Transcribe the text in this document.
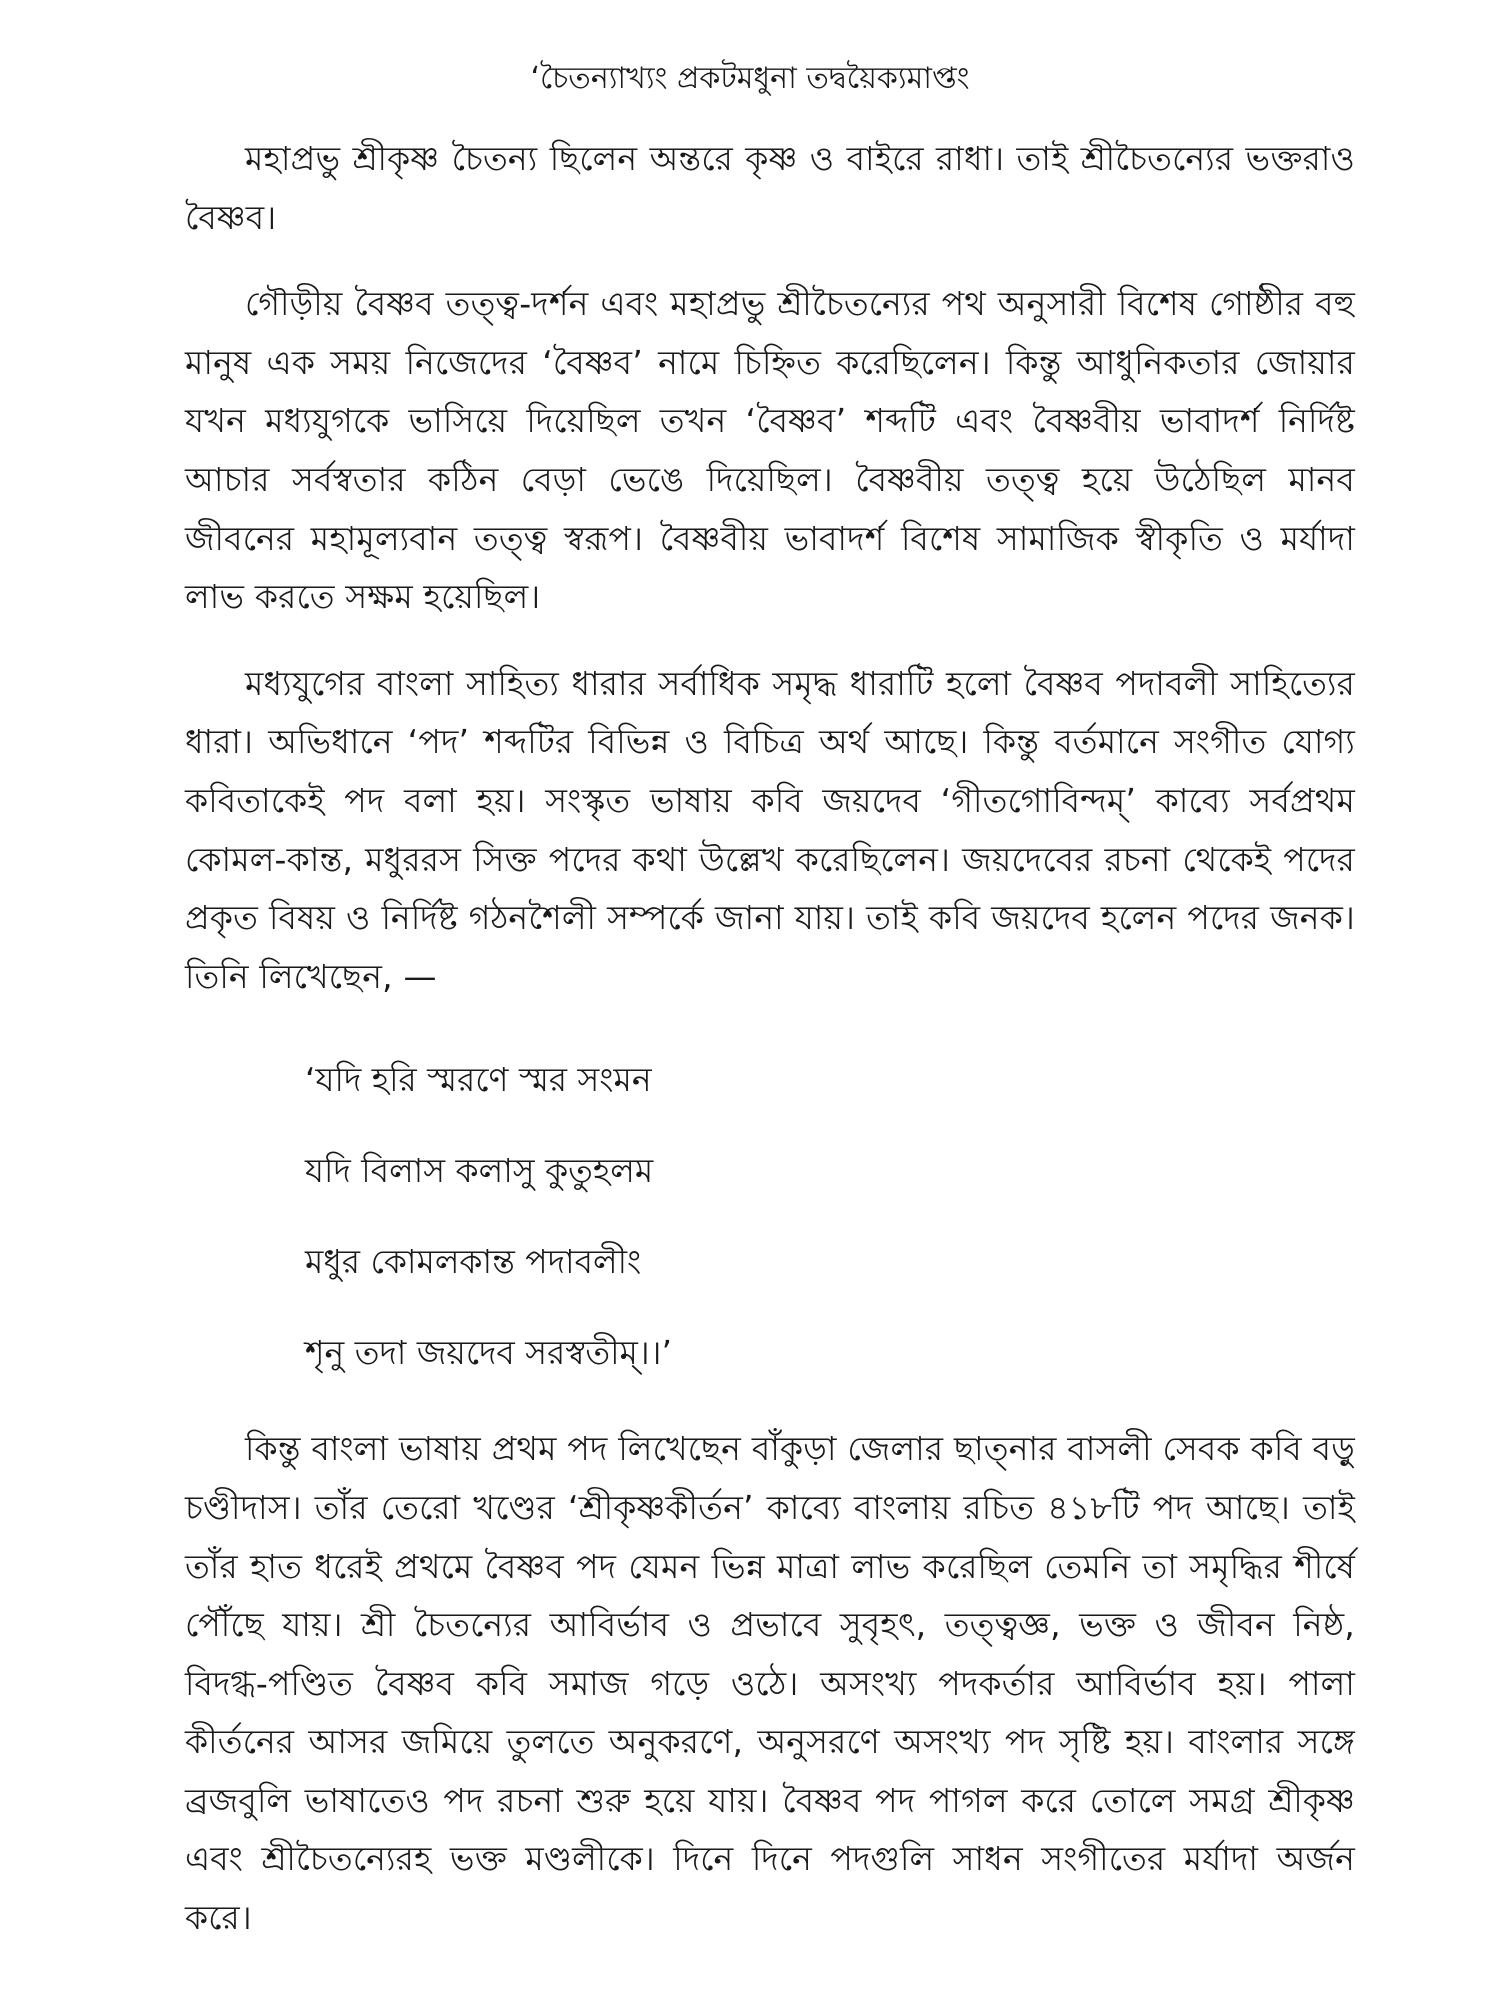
‘চৈতন্যাখ্যং প্রকটমধুনা তদ্বয়ৈক্যমাপ্তং

মহাপ্রভু শ্রীকৃষ্ণ চৈতন্য ছিলেন অন্তরে কৃষ্ণ ও বাইরে রাধা। তাই শ্রীচৈতন্যের ভক্তরাও বৈষ্ণব।

গৌড়ীয় বৈষ্ণব তত্ত্ব-দর্শন এবং মহাপ্রভু শ্রীচৈতন্যের পথ অনুসারী বিশেষ গোষ্ঠীর বহু মানুষ এক সময় নিজেদের ‘বৈষ্ণব’ নামে চিহ্নিত করেছিলেন। কিন্তু আধুনিকতার জোয়ার যখন মধ্যযুগকে ভাসিয়ে দিয়েছিল তখন ‘বৈষ্ণব’ শব্দটি এবং বৈষ্ণবীয় ভাবাদর্শ নির্দিষ্ট আচার সর্বস্বতার কঠিন বেড়া ভেঙে দিয়েছিল। বৈষ্ণবীয় তত্ত্ব হয়ে উঠেছিল মানব জীবনের মহামূল্যবান তত্ত্ব স্বরূপ। বৈষ্ণবীয় ভাবাদর্শ বিশেষ সামাজিক স্বীকৃতি ও মর্যাদা লাভ করতে সক্ষম হয়েছিল।

মধ্যযুগের বাংলা সাহিত্য ধারার সর্বাধিক সমৃদ্ধ ধারাটি হলো বৈষ্ণব পদাবলী সাহিত্যের ধারা। অভিধানে ‘পদ’ শব্দটির বিভিন্ন ও বিচিত্র অর্থ আছে। কিন্তু বর্তমানে সংগীত যোগ্য কবিতাকেই পদ বলা হয়। সংস্কৃত ভাষায় কবি জয়দেব ‘গীতগোবিন্দম্’ কাব্যে সর্বপ্রথম কোমল-কান্ত, মধুররস সিক্ত পদের কথা উল্লেখ করেছিলেন। জয়দেবের রচনা থেকেই পদের প্রকৃত বিষয় ও নির্দিষ্ট গঠনশৈলী সম্পর্কে জানা যায়। তাই কবি জয়দেব হলেন পদের জনক। তিনি লিখেছেন, —

‘যদি হরি স্মরণে স্মর সংমন
যদি বিলাস কলাসু কুতুহলম
মধুর কোমলকান্ত পদাবলীং
শৃনু তদা জয়দেব সরস্বতীম্।।’

কিন্তু বাংলা ভাষায় প্রথম পদ লিখেছেন বাঁকুড়া জেলার ছাত্‌নার বাসলী সেবক কবি বড়ু চণ্ডীদাস। তাঁর তেরো খণ্ডের ‘শ্রীকৃষ্ণকীর্তন’ কাব্যে বাংলায় রচিত ৪১৮টি পদ আছে। তাই তাঁর হাত ধরেই প্রথমে বৈষ্ণব পদ যেমন ভিন্ন মাত্রা লাভ করেছিল তেমনি তা সমৃদ্ধির শীর্ষে পৌঁছে যায়। শ্রী চৈতন্যের আবির্ভাব ও প্রভাবে সুবৃহৎ, তত্ত্বজ্ঞ, ভক্ত ও জীবন নিষ্ঠ, বিদগ্ধ-পণ্ডিত বৈষ্ণব কবি সমাজ গড়ে ওঠে। অসংখ্য পদকর্তার আবির্ভাব হয়। পালা কীর্তনের আসর জমিয়ে তুলতে অনুকরণে, অনুসরণে অসংখ্য পদ সৃষ্টি হয়। বাংলার সঙ্গে ব্রজবুলি ভাষাতেও পদ রচনা শুরু হয়ে যায়। বৈষ্ণব পদ পাগল করে তোলে সমগ্র শ্রীকৃষ্ণ এবং শ্রীচৈতন্যেরহ ভক্ত মণ্ডলীকে। দিনে দিনে পদগুলি সাধন সংগীতের মর্যাদা অর্জন করে।
